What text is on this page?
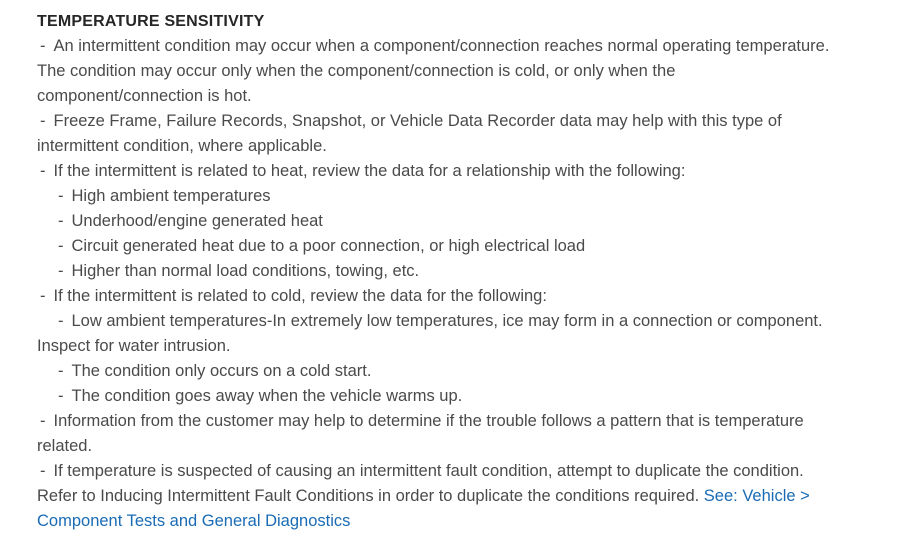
TEMPERATURE SENSITIVITY

- An intermittent condition may occur when a component/connection reaches normal operating temperature. The condition may occur only when the component/connection is cold, or only when the component/connection is hot.

- Freeze Frame, Failure Records, Snapshot, or Vehicle Data Recorder data may help with this type of intermittent condition, where applicable.

- If the intermittent is related to heat, review the data for a relationship with the following:

- High ambient temperatures

- Underhood/engine generated heat

- Circuit generated heat due to a poor connection, or high electrical load

- Higher than normal load conditions, towing, etc.

- If the intermittent is related to cold, review the data for the following:

- Low ambient temperatures-In extremely low temperatures, ice may form in a connection or component. Inspect for water intrusion.

- The condition only occurs on a cold start.

- The condition goes away when the vehicle warms up.

- Information from the customer may help to determine if the trouble follows a pattern that is temperature related.

- If temperature is suspected of causing an intermittent fault condition, attempt to duplicate the condition. Refer to Inducing Intermittent Fault Conditions in order to duplicate the conditions required. See: Vehicle > Component Tests and General Diagnostics
